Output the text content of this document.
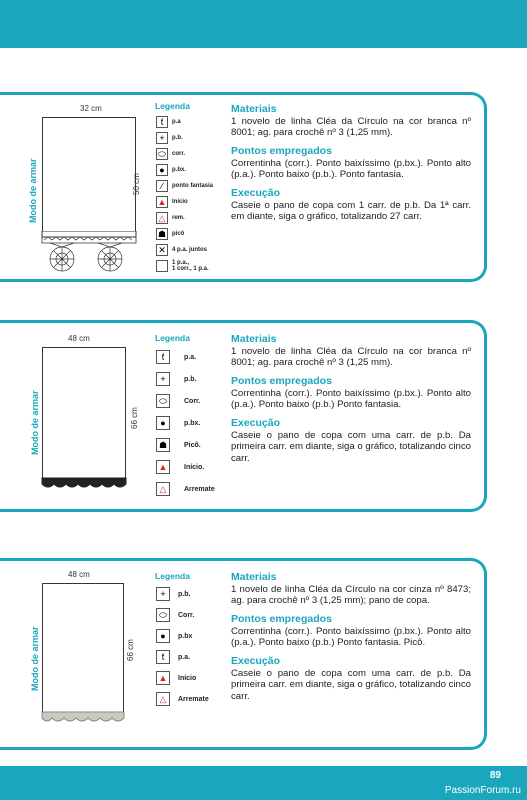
Modo de armar
32 cm
50 cm
Legenda
ƭ	p.a
+	p.b.
⬭	corr.
●	p.bx.
∕	ponto fantasia
▲ Início
△	rem.
☗ picô
✕	4 p.a. juntos
1 p.a.,
1 corr., 1 p.a.

Materiais

1 novelo de linha Cléa da Círculo na cor branca nº 8001; ag. para crochê nº 3 (1,25 mm).

Pontos empregados

Correntinha (corr.). Ponto baixíssimo (p.bx.). Ponto alto (p.a.). Ponto baixo (p.b.). Ponto fantasia.

Execução

Caseie o pano de copa com 1 carr. de p.b. Da 1ª carr. em diante, siga o gráfico, totalizando 27 carr.

Modo de armar
48 cm
66 cm
Legenda
ƭ	p.a.
+	p.b.
⬭	Corr.
●	p.bx.
☗	Picô.
▲	Início.
△	Arremate

Materiais

1 novelo de linha Cléa da Círculo na cor branca nº 8001; ag. para crochê nº 3 (1,25 mm).

Pontos empregados

Correntinha (corr.). Ponto baixíssimo (p.bx.). Ponto alto (p.a.). Ponto baixo (p.b.) Ponto fantasia.

Execução

Caseie o pano de copa com uma carr. de p.b. Da primeira carr. em diante, siga o gráfico, totalizando cinco carr.

Modo de armar
48 cm
66 cm
Legenda
+	p.b.
⬭	Corr.
●	p.bx
ƭ	p.a.
▲	Início
△	Arremate

Materiais

1 novelo de linha Cléa da Círculo na cor cinza nº 8473; ag. para crochê nº 3 (1,25 mm); pano de copa.

Pontos empregados

Correntinha (corr.). Ponto baixíssimo (p.bx.). Ponto alto (p.a.). Ponto baixo (p.b.) Ponto fantasia. Picô.

Execução

Caseie o pano de copa com uma carr. de p.b. Da primeira carr. em diante, siga o gráfico, totalizando cinco carr.

89
PassionForum.ru
